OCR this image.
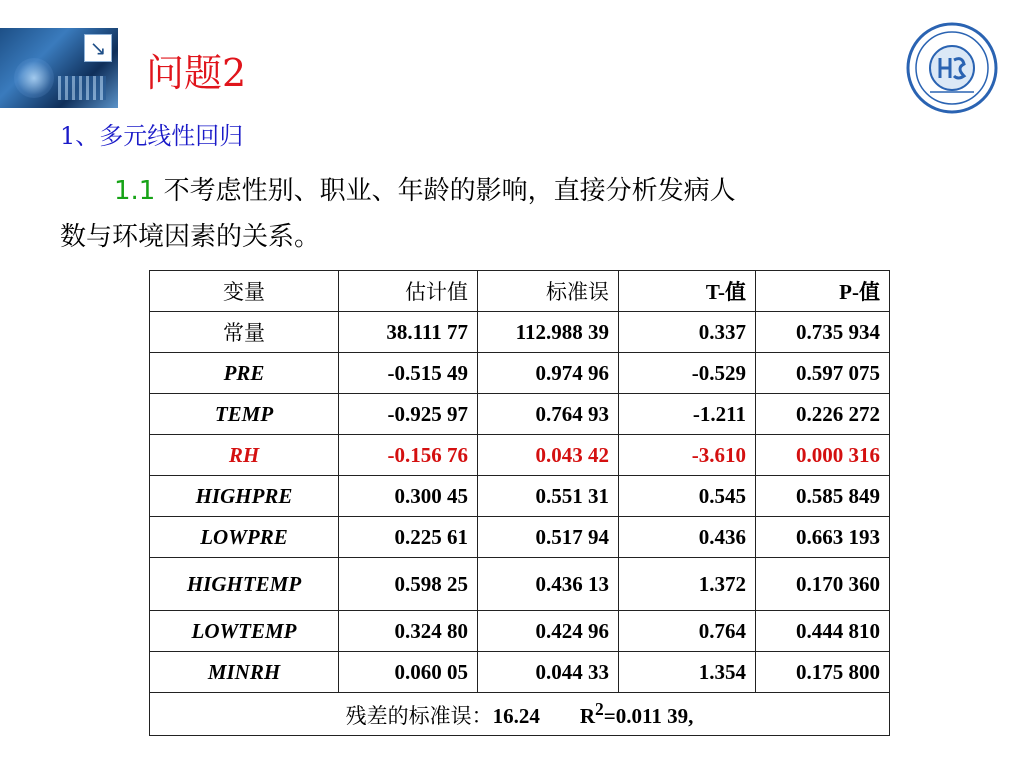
↘
问题2
1、多元线性回归
1.1 不考虑性别、职业、年龄的影响，直接分析发病人
数与环境因素的关系。
变量	估计值	标准误	T-值	P-值
常量	38.111 77	112.988 39	0.337	0.735 934
PRE	-0.515 49	0.974 96	-0.529	0.597 075
TEMP	-0.925 97	0.764 93	-1.211	0.226 272
RH	-0.156 76	0.043 42	-3.610	0.000 316
HIGHPRE	0.300 45	0.551 31	0.545	0.585 849
LOWPRE	0.225 61	0.517 94	0.436	0.663 193
HIGHTEMP	0.598 25	0.436 13	1.372	0.170 360
LOWTEMP	0.324 80	0.424 96	0.764	0.444 810
MINRH	0.060 05	0.044 33	1.354	0.175 800
残差的标准误：16.24 $R^2=0.011$ 39,				
